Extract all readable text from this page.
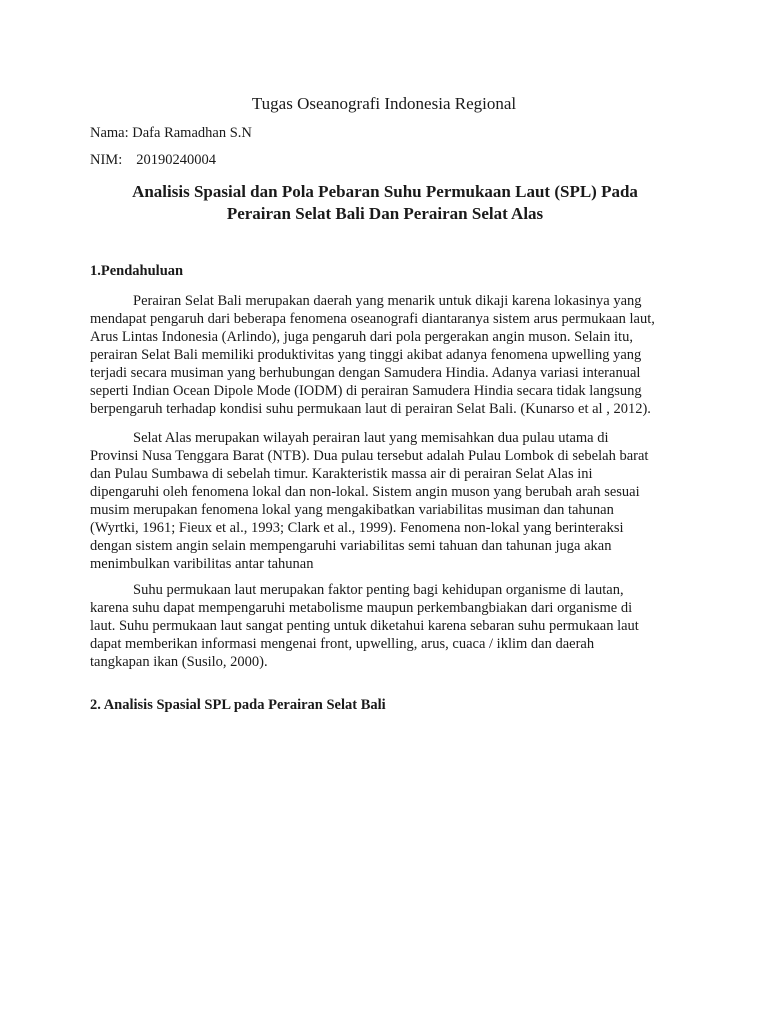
Tugas Oseanografi Indonesia Regional
Nama: Dafa Ramadhan S.N
NIM: 20190240004
Analisis Spasial dan Pola Pebaran Suhu Permukaan Laut (SPL) Pada
Perairan Selat Bali Dan Perairan Selat Alas
1.Pendahuluan
Perairan Selat Bali merupakan daerah yang menarik untuk dikaji karena lokasinya yang
mendapat pengaruh dari beberapa fenomena oseanografi diantaranya sistem arus permukaan laut,
Arus Lintas Indonesia (Arlindo), juga pengaruh dari pola pergerakan angin muson. Selain itu,
perairan Selat Bali memiliki produktivitas yang tinggi akibat adanya fenomena upwelling yang
terjadi secara musiman yang berhubungan dengan Samudera Hindia. Adanya variasi interanual
seperti Indian Ocean Dipole Mode (IODM) di perairan Samudera Hindia secara tidak langsung
berpengaruh terhadap kondisi suhu permukaan laut di perairan Selat Bali. (Kunarso et al , 2012).
Selat Alas merupakan wilayah perairan laut yang memisahkan dua pulau utama di
Provinsi Nusa Tenggara Barat (NTB). Dua pulau tersebut adalah Pulau Lombok di sebelah barat
dan Pulau Sumbawa di sebelah timur. Karakteristik massa air di perairan Selat Alas ini
dipengaruhi oleh fenomena lokal dan non-lokal. Sistem angin muson yang berubah arah sesuai
musim merupakan fenomena lokal yang mengakibatkan variabilitas musiman dan tahunan
(Wyrtki, 1961; Fieux et al., 1993; Clark et al., 1999). Fenomena non-lokal yang berinteraksi
dengan sistem angin selain mempengaruhi variabilitas semi tahuan dan tahunan juga akan
menimbulkan varibilitas antar tahunan
Suhu permukaan laut merupakan faktor penting bagi kehidupan organisme di lautan,
karena suhu dapat mempengaruhi metabolisme maupun perkembangbiakan dari organisme di
laut. Suhu permukaan laut sangat penting untuk diketahui karena sebaran suhu permukaan laut
dapat memberikan informasi mengenai front, upwelling, arus, cuaca / iklim dan daerah
tangkapan ikan (Susilo, 2000).
2. Analisis Spasial SPL pada Perairan Selat Bali
